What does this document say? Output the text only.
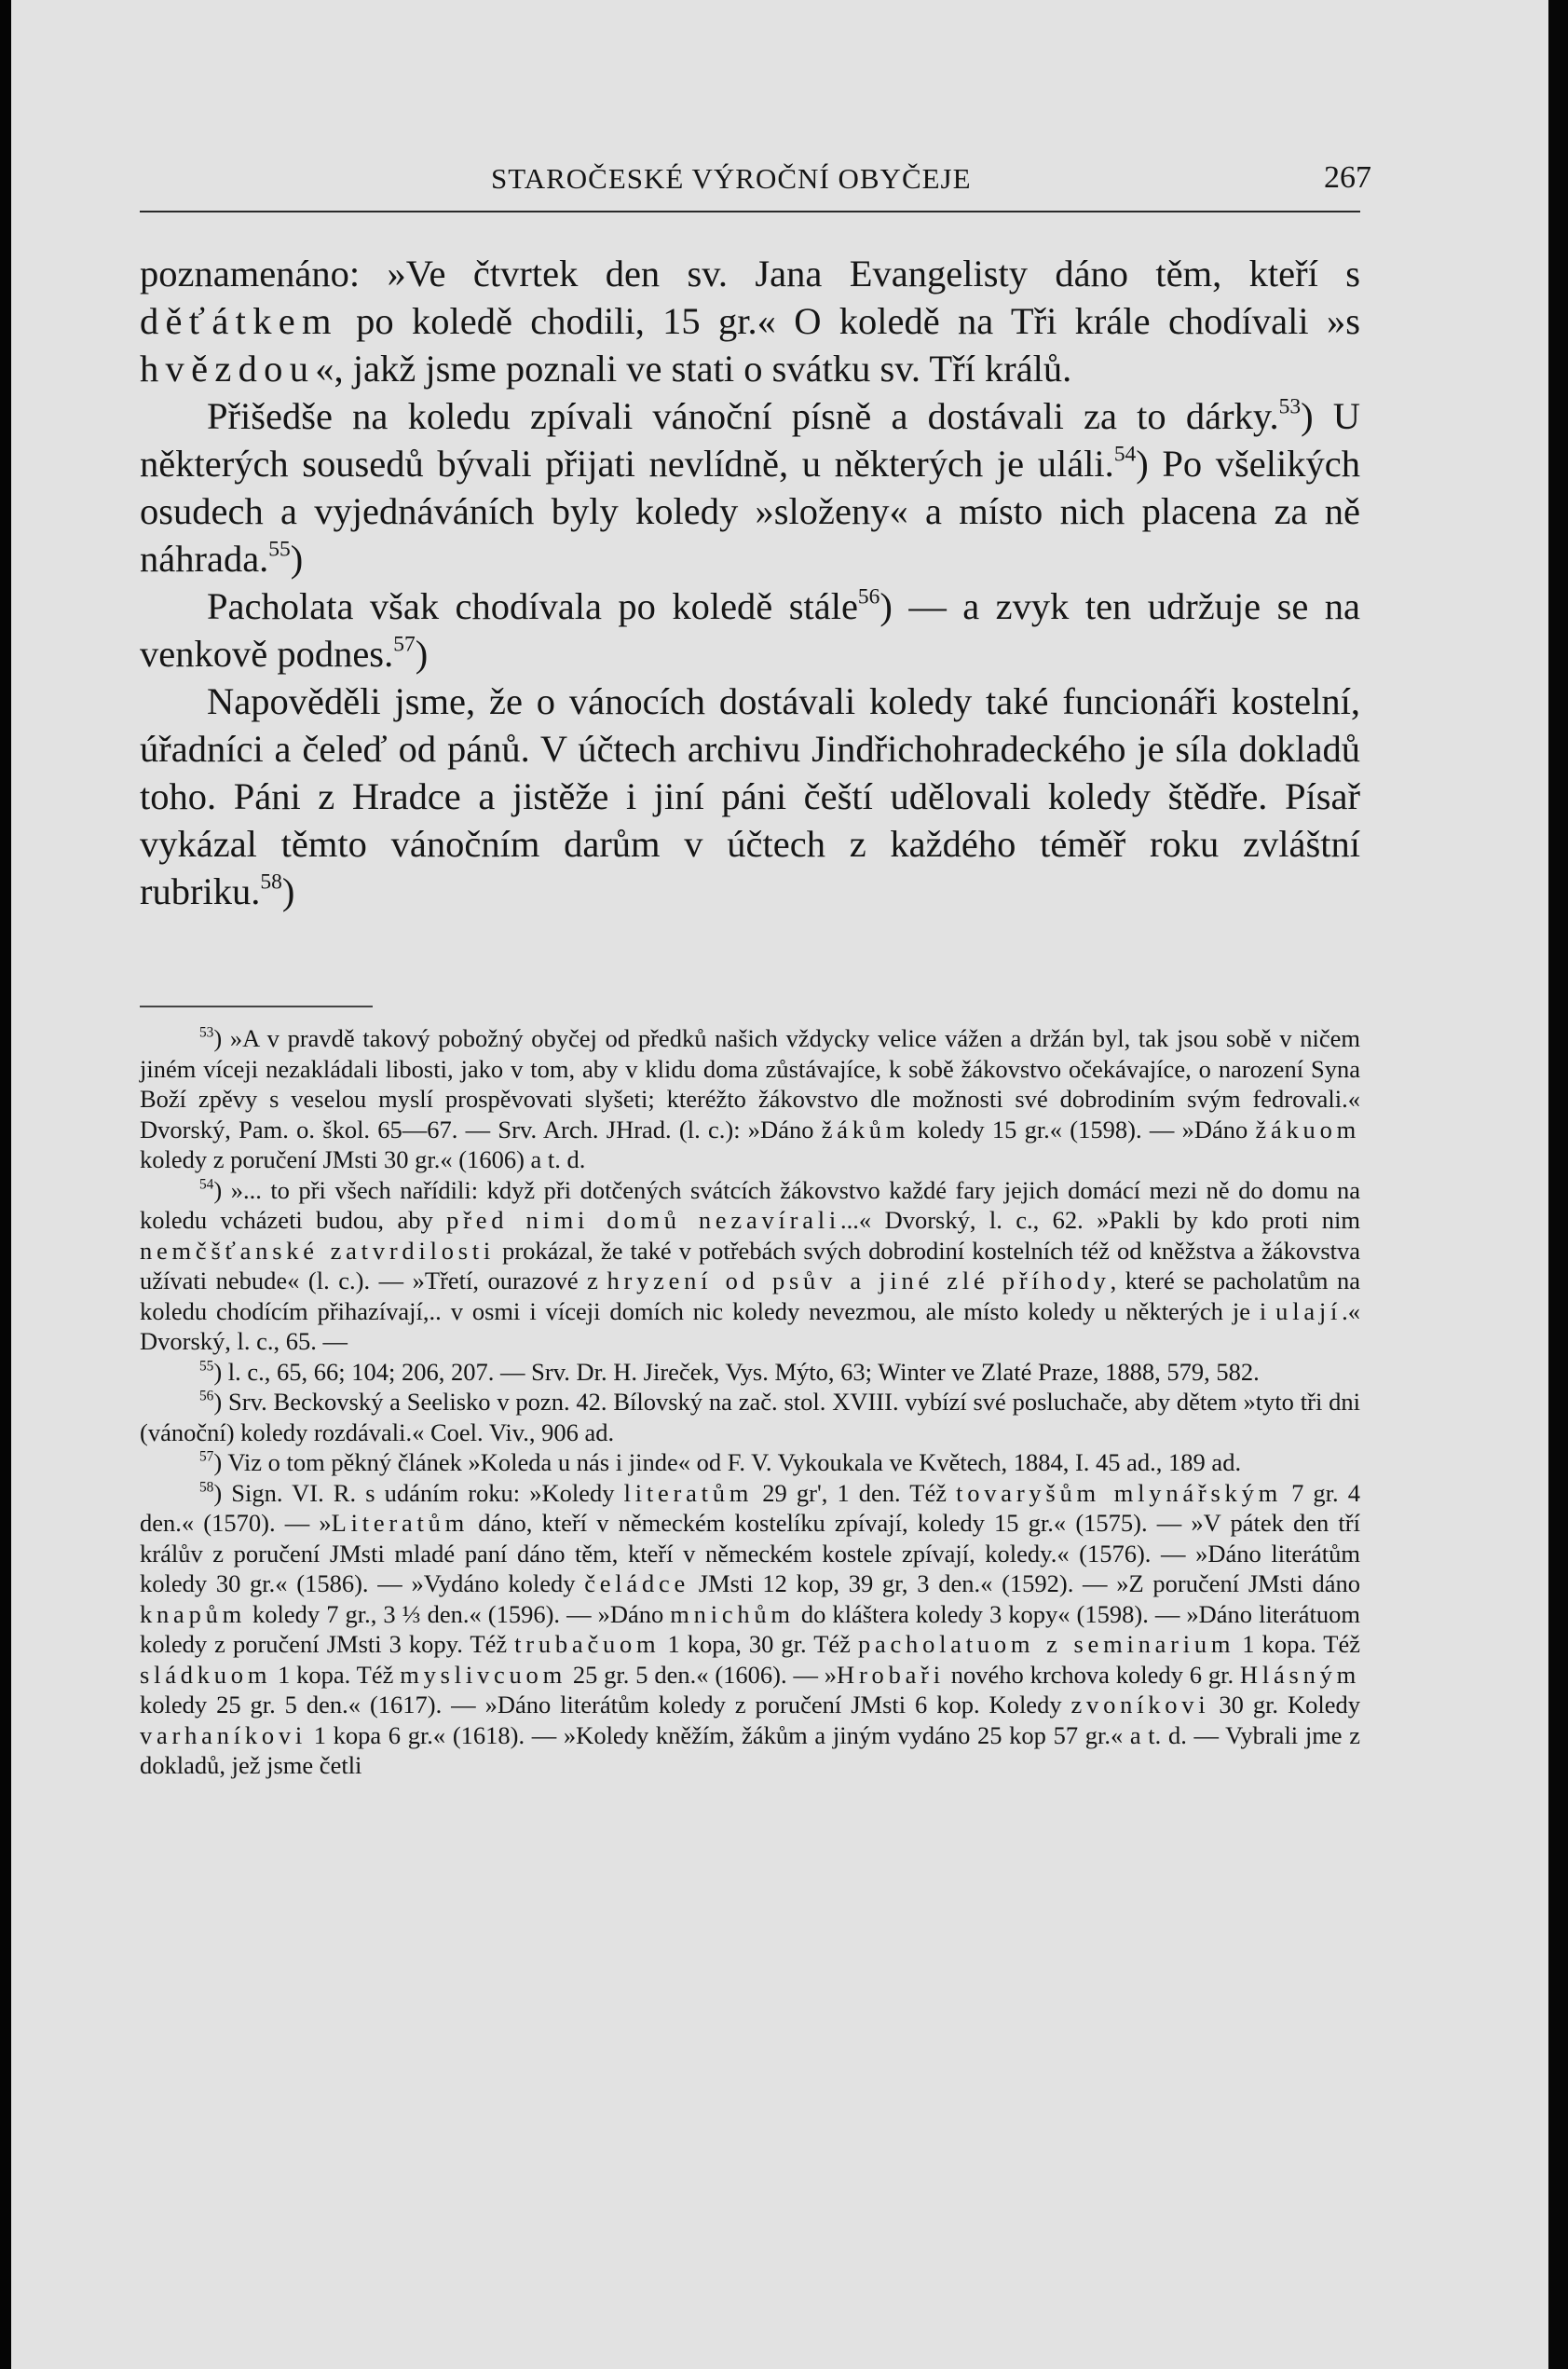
STAROČESKÉ VÝROČNÍ OBYČEJE	267

poznamenáno: »Ve čtvrtek den sv. Jana Evangelisty dáno těm, kteří s děťátkem po koledě chodili, 15 gr.« O koledě na Tři krále chodívali »s hvězdou«, jakž jsme poznali ve stati o svátku sv. Tří králů.

Přišedše na koledu zpívali vánoční písně a dostávali za to dárky.$^{53}$) U některých sousedů bývali přijati nevlídně, u některých je uláli.$^{54}$) Po všelikých osudech a vyjednáváních byly koledy »složeny« a místo nich placena za ně náhrada.$^{55}$)

Pacholata však chodívala po koledě stále$^{56}$) — a zvyk ten udržuje se na venkově podnes.$^{57}$)

Napověděli jsme, že o vánocích dostávali koledy také funcionáři kostelní, úřadníci a čeleď od pánů. V účtech archivu Jindřichohradeckého je síla dokladů toho. Páni z Hradce a jistěže i jiní páni čeští udělovali koledy štědře. Písař vykázal těmto vánočním darům v účtech z každého téměř roku zvláštní rubriku.$^{58}$)

$^{53}$) »A v pravdě takový pobožný obyčej od předků našich vždycky velice vážen a držán byl, tak jsou sobě v ničem jiném víceji nezakládali libosti, jako v tom, aby v klidu doma zůstávajíce, k sobě žákovstvo očekávajíce, o narození Syna Boží zpěvy s veselou myslí prospěvovati slyšeti; kteréžto žákovstvo dle možnosti své dobrodiním svým fedrovali.« Dvorský, Pam. o. škol. 65—67. — Srv. Arch. JHrad. (l. c.): »Dáno žákům koledy 15 gr.« (1598). — »Dáno žákuom koledy z poručení JMsti 30 gr.« (1606) a t. d.

$^{54}$) »... to při všech nařídili: když při dotčených svátcích žákovstvo každé fary jejich domácí mezi ně do domu na koledu vcházeti budou, aby před nimi domů nezavírali...« Dvorský, l. c., 62. »Pakli by kdo proti nim nemčšťanské zatvrdilosti prokázal, že také v potřebách svých dobrodiní kostelních též od kněžstva a žákovstva užívati nebude« (l. c.). — »Třetí, ourazové z hryzení od psův a jiné zlé příhody, které se pacholatům na koledu chodícím přihazívají,.. v osmi i víceji domích nic koledy nevezmou, ale místo koledy u některých je i ulají.« Dvorský, l. c., 65. —

$^{55}$) l. c., 65, 66; 104; 206, 207. — Srv. Dr. H. Jireček, Vys. Mýto, 63; Winter ve Zlaté Praze, 1888, 579, 582.

$^{56}$) Srv. Beckovský a Seelisko v pozn. 42. Bílovský na zač. stol. XVIII. vybízí své posluchače, aby dětem »tyto tři dni (vánoční) koledy rozdávali.« Coel. Viv., 906 ad.

$^{57}$) Viz o tom pěkný článek »Koleda u nás i jinde« od F. V. Vykoukala ve Květech, 1884, I. 45 ad., 189 ad.

$^{58}$) Sign. VI. R. s udáním roku: »Koledy literatům 29 gr', 1 den. Též tovaryšům mlynářským 7 gr. 4 den.« (1570). — »Literatům dáno, kteří v německém kostelíku zpívají, koledy 15 gr.« (1575). — »V pátek den tří králův z poručení JMsti mladé paní dáno těm, kteří v německém kostele zpívají, koledy.« (1576). — »Dáno literátům koledy 30 gr.« (1586). — »Vydáno koledy čeládce JMsti 12 kop, 39 gr, 3 den.« (1592). — »Z poručení JMsti dáno knapům koledy 7 gr., 3 ⅓ den.« (1596). — »Dáno mnichům do kláštera koledy 3 kopy« (1598). — »Dáno literátuom koledy z poručení JMsti 3 kopy. Též trubačuom 1 kopa, 30 gr. Též pacholatuom z seminarium 1 kopa. Též sládkuom 1 kopa. Též myslivcuom 25 gr. 5 den.« (1606). — »Hrobaři nového krchova koledy 6 gr. Hlásným koledy 25 gr. 5 den.« (1617). — »Dáno literátům koledy z poručení JMsti 6 kop. Koledy zvoníkovi 30 gr. Koledy varhaníkovi 1 kopa 6 gr.« (1618). — »Koledy kněžím, žákům a jiným vydáno 25 kop 57 gr.« a t. d. — Vybrali jme z dokladů, jež jsme četli
